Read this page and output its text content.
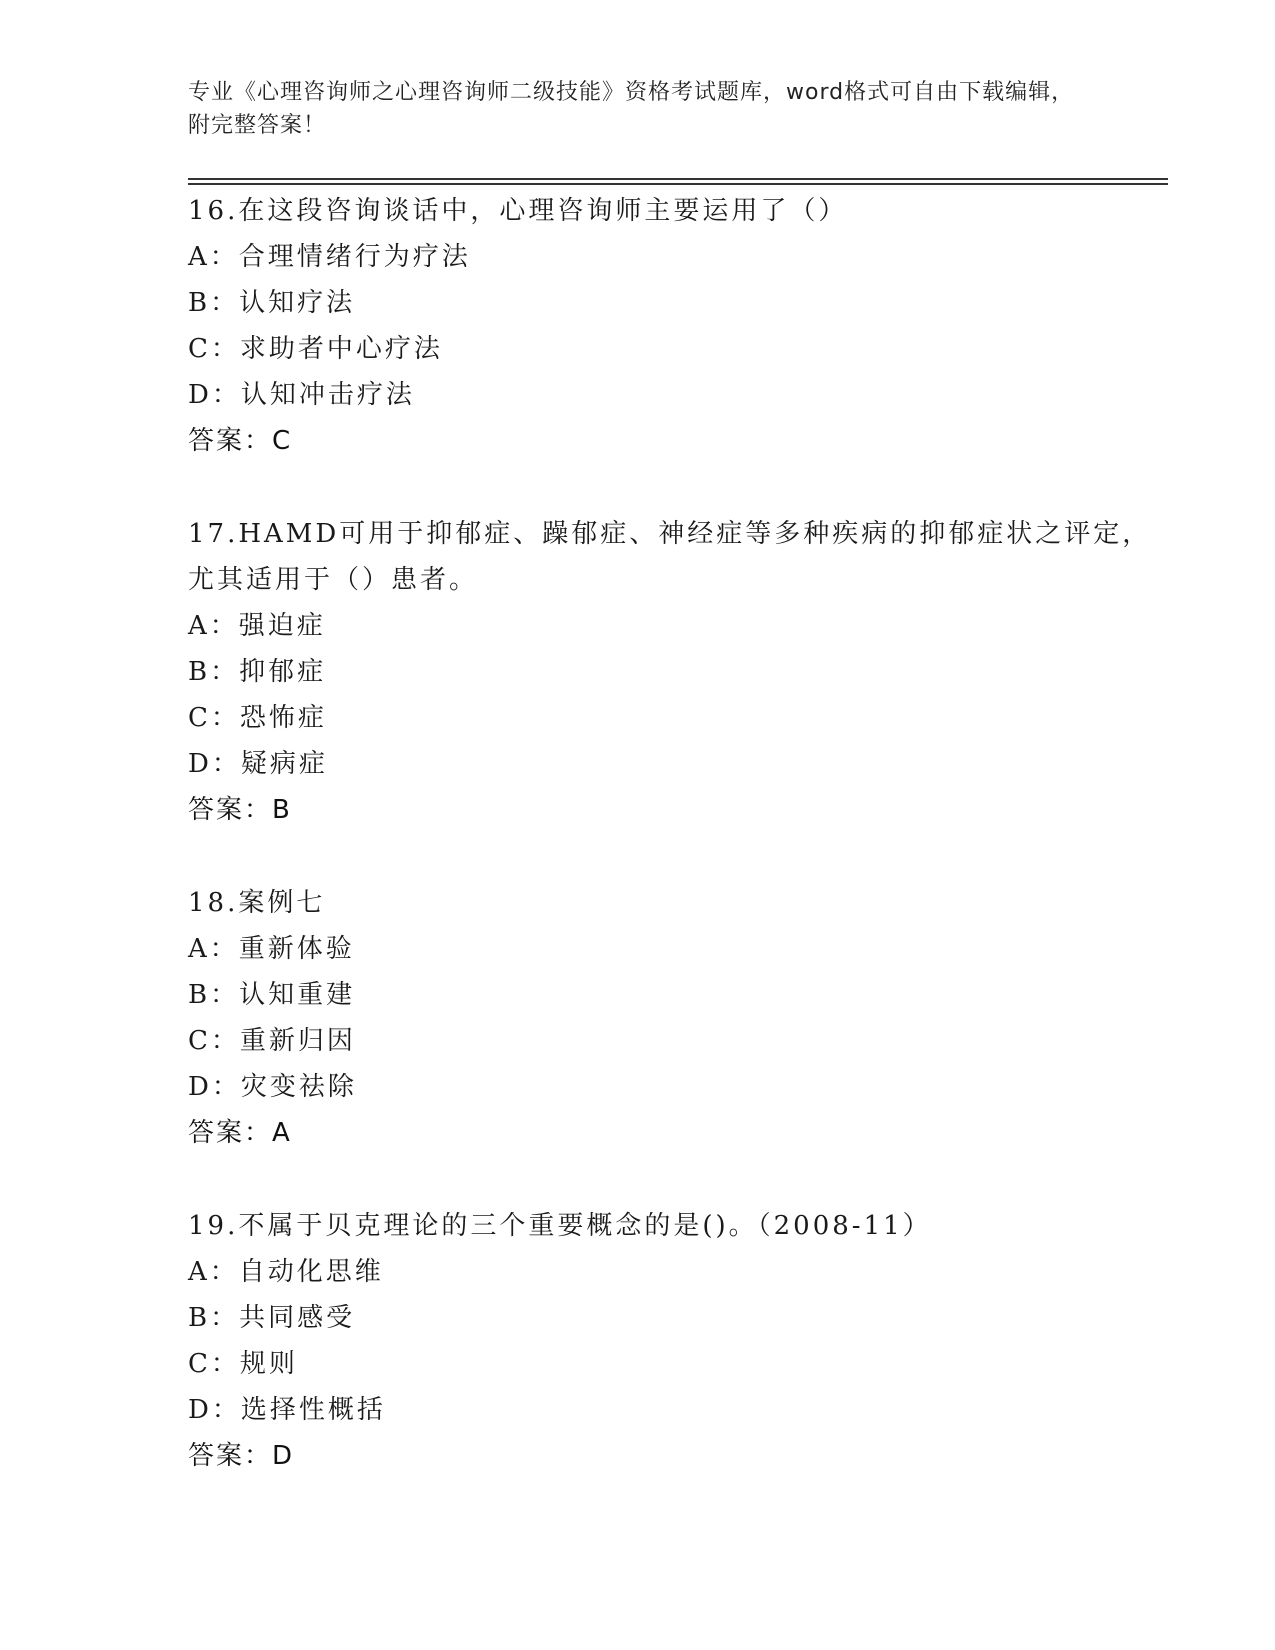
专业《心理咨询师之心理咨询师二级技能》资格考试题库，word格式可自由下载编辑，附完整答案！
16.在这段咨询谈话中，心理咨询师主要运用了（）
A：合理情绪行为疗法
B：认知疗法
C：求助者中心疗法
D：认知冲击疗法
答案：C
17.HAMD可用于抑郁症、躁郁症、神经症等多种疾病的抑郁症状之评定，尤其适用于（）患者。
A：强迫症
B：抑郁症
C：恐怖症
D：疑病症
答案：B
18.案例七
A：重新体验
B：认知重建
C：重新归因
D：灾变祛除
答案：A
19.不属于贝克理论的三个重要概念的是()。（2008-11）
A：自动化思维
B：共同感受
C：规则
D：选择性概括
答案：D
